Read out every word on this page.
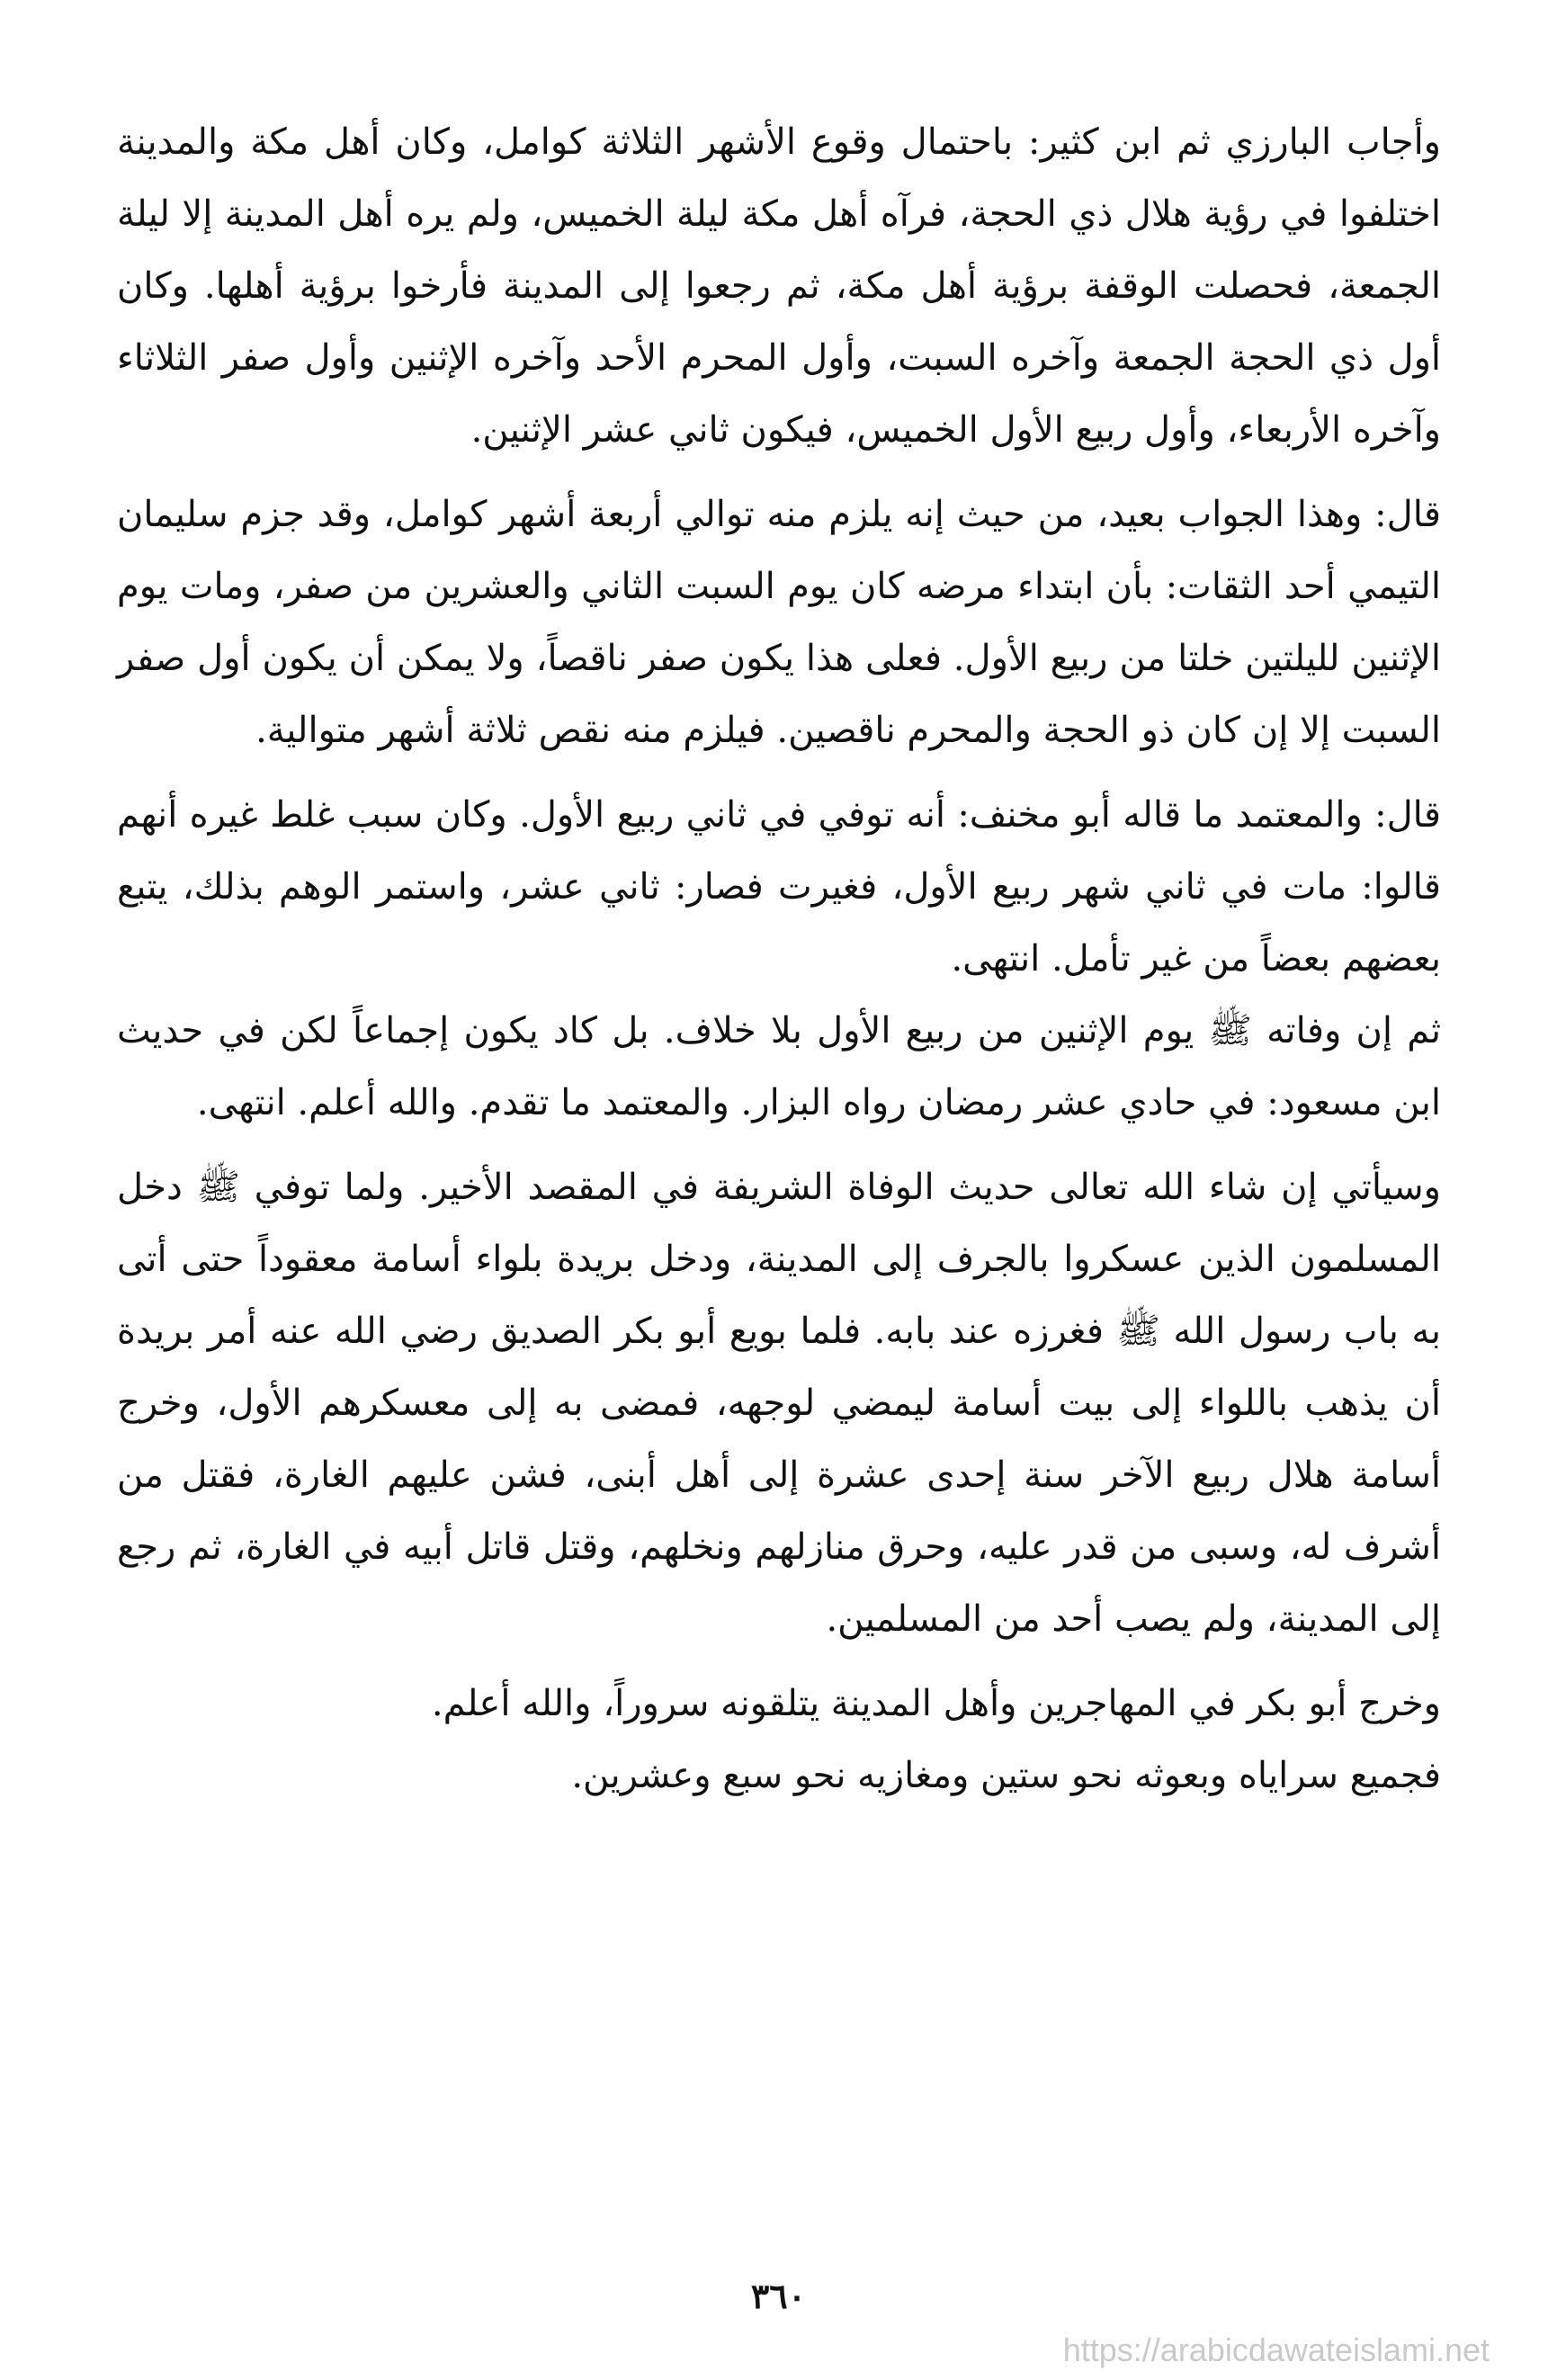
وأجاب البارزي ثم ابن كثير: باحتمال وقوع الأشهر الثلاثة كوامل، وكان أهل مكة والمدينة اختلفوا في رؤية هلال ذي الحجة، فرآه أهل مكة ليلة الخميس، ولم يره أهل المدينة إلا ليلة الجمعة، فحصلت الوقفة برؤية أهل مكة، ثم رجعوا إلى المدينة فأرخوا برؤية أهلها. وكان أول ذي الحجة الجمعة وآخره السبت، وأول المحرم الأحد وآخره الإثنين وأول صفر الثلاثاء وآخره الأربعاء، وأول ربيع الأول الخميس، فيكون ثاني عشر الإثنين.

قال: وهذا الجواب بعيد، من حيث إنه يلزم منه توالي أربعة أشهر كوامل، وقد جزم سليمان التيمي أحد الثقات: بأن ابتداء مرضه كان يوم السبت الثاني والعشرين من صفر، ومات يوم الإثنين لليلتين خلتا من ربيع الأول. فعلى هذا يكون صفر ناقصاً، ولا يمكن أن يكون أول صفر السبت إلا إن كان ذو الحجة والمحرم ناقصين. فيلزم منه نقص ثلاثة أشهر متوالية.

قال: والمعتمد ما قاله أبو مخنف: أنه توفي في ثاني ربيع الأول. وكان سبب غلط غيره أنهم قالوا: مات في ثاني شهر ربيع الأول، فغيرت فصار: ثاني عشر، واستمر الوهم بذلك، يتبع بعضهم بعضاً من غير تأمل. انتهى.

ثم إن وفاته ﷺ يوم الإثنين من ربيع الأول بلا خلاف. بل كاد يكون إجماعاً لكن في حديث ابن مسعود: في حادي عشر رمضان رواه البزار. والمعتمد ما تقدم. والله أعلم. انتهى.

وسيأتي إن شاء الله تعالى حديث الوفاة الشريفة في المقصد الأخير. ولما توفي ﷺ دخل المسلمون الذين عسكروا بالجرف إلى المدينة، ودخل بريدة بلواء أسامة معقوداً حتى أتى به باب رسول الله ﷺ فغرزه عند بابه. فلما بويع أبو بكر الصديق رضي الله عنه أمر بريدة أن يذهب باللواء إلى بيت أسامة ليمضي لوجهه، فمضى به إلى معسكرهم الأول، وخرج أسامة هلال ربيع الآخر سنة إحدى عشرة إلى أهل أبنى، فشن عليهم الغارة، فقتل من أشرف له، وسبى من قدر عليه، وحرق منازلهم ونخلهم، وقتل قاتل أبيه في الغارة، ثم رجع إلى المدينة، ولم يصب أحد من المسلمين.

وخرج أبو بكر في المهاجرين وأهل المدينة يتلقونه سروراً، والله أعلم.

فجميع سراياه وبعوثه نحو ستين ومغازيه نحو سبع وعشرين.

٣٦٠
https://arabicdawateislami.net
